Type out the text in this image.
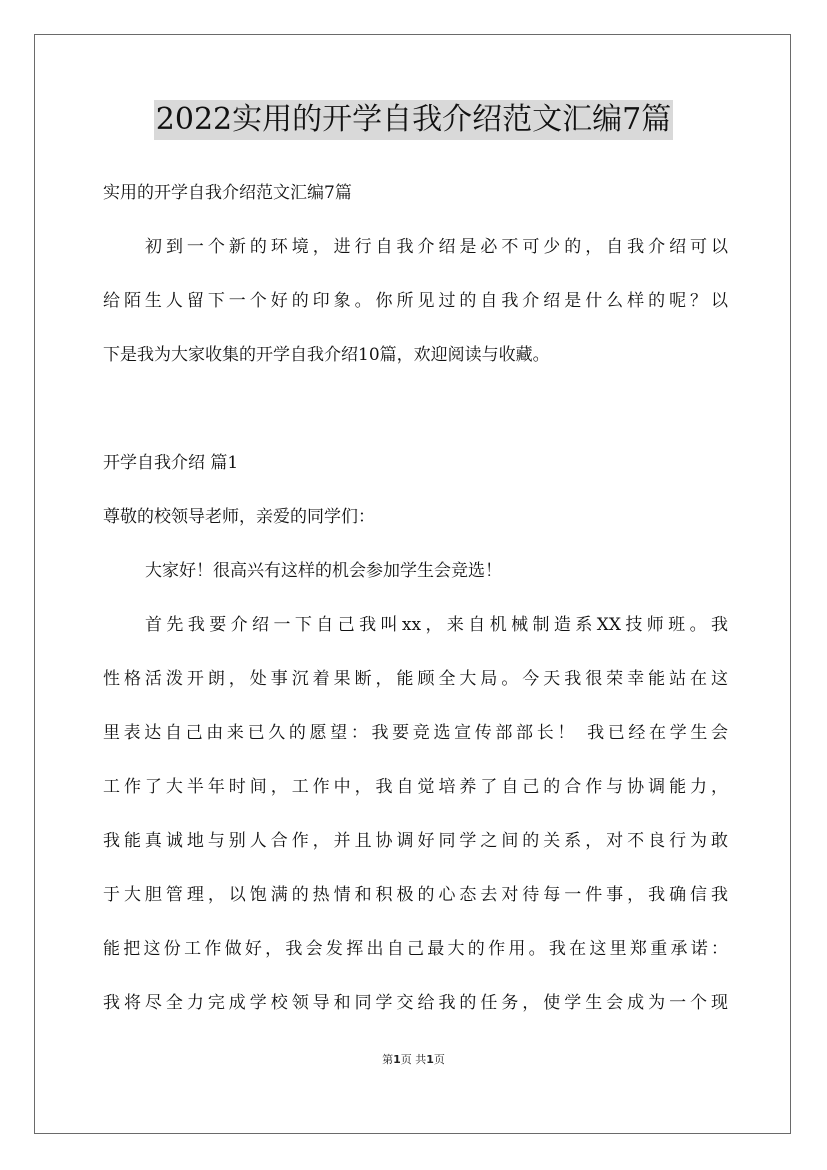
2022实用的开学自我介绍范文汇编7篇
实用的开学自我介绍范文汇编7篇
初到一个新的环境，进行自我介绍是必不可少的，自我介绍可以
给陌生人留下一个好的印象。你所见过的自我介绍是什么样的呢？以
下是我为大家收集的开学自我介绍10篇，欢迎阅读与收藏。
开学自我介绍 篇1
尊敬的校领导老师，亲爱的同学们：
大家好！很高兴有这样的机会参加学生会竞选！
首先我要介绍一下自己我叫xx，来自机械制造系XX技师班。我
性格活泼开朗，处事沉着果断，能顾全大局。今天我很荣幸能站在这
里表达自己由来已久的愿望：我要竞选宣传部部长！ 我已经在学生会
工作了大半年时间，工作中，我自觉培养了自己的合作与协调能力，
我能真诚地与别人合作，并且协调好同学之间的关系，对不良行为敢
于大胆管理，以饱满的热情和积极的心态去对待每一件事，我确信我
能把这份工作做好，我会发挥出自己最大的作用。我在这里郑重承诺：
我将尽全力完成学校领导和同学交给我的任务，使学生会成为一个现
第1页 共1页
